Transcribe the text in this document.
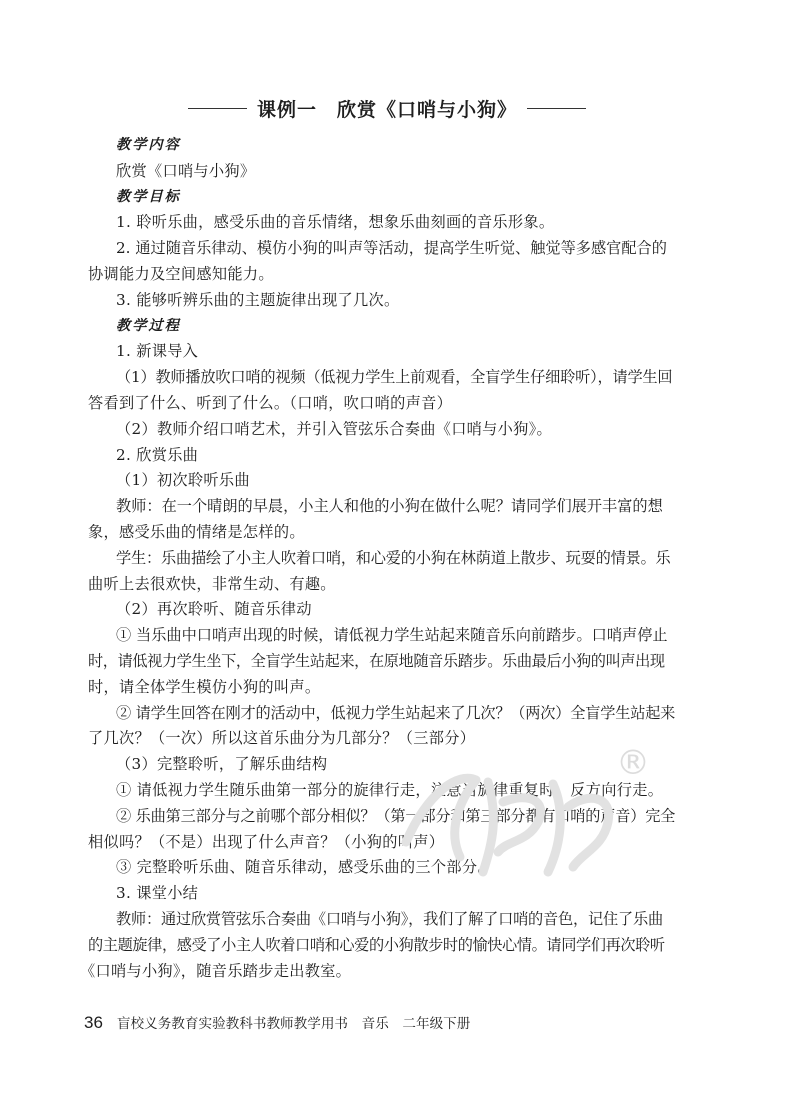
课例一　欣赏《口哨与小狗》
教学内容
欣赏《口哨与小狗》
教学目标
1. 聆听乐曲，感受乐曲的音乐情绪，想象乐曲刻画的音乐形象。
2. 通过随音乐律动、模仿小狗的叫声等活动，提高学生听觉、触觉等多感官配合的
协调能力及空间感知能力。
3. 能够听辨乐曲的主题旋律出现了几次。
教学过程
1. 新课导入
（1）教师播放吹口哨的视频（低视力学生上前观看，全盲学生仔细聆听），请学生回
答看到了什么、听到了什么。（口哨，吹口哨的声音）
（2）教师介绍口哨艺术，并引入管弦乐合奏曲《口哨与小狗》。
2. 欣赏乐曲
（1）初次聆听乐曲
教师：在一个晴朗的早晨，小主人和他的小狗在做什么呢？请同学们展开丰富的想
象，感受乐曲的情绪是怎样的。
学生：乐曲描绘了小主人吹着口哨，和心爱的小狗在林荫道上散步、玩耍的情景。乐
曲听上去很欢快，非常生动、有趣。
（2）再次聆听、随音乐律动
① 当乐曲中口哨声出现的时候，请低视力学生站起来随音乐向前踏步。口哨声停止
时，请低视力学生坐下，全盲学生站起来，在原地随音乐踏步。乐曲最后小狗的叫声出现
时，请全体学生模仿小狗的叫声。
② 请学生回答在刚才的活动中，低视力学生站起来了几次？（两次）全盲学生站起来
了几次？（一次）所以这首乐曲分为几部分？（三部分）
（3）完整聆听，了解乐曲结构
① 请低视力学生随乐曲第一部分的旋律行走，注意当旋律重复时，反方向行走。
② 乐曲第三部分与之前哪个部分相似？（第一部分和第三部分都有口哨的声音）完全
相似吗？（不是）出现了什么声音？（小狗的叫声）
③ 完整聆听乐曲、随音乐律动，感受乐曲的三个部分。
3. 课堂小结
教师：通过欣赏管弦乐合奏曲《口哨与小狗》，我们了解了口哨的音色，记住了乐曲
的主题旋律，感受了小主人吹着口哨和心爱的小狗散步时的愉快心情。请同学们再次聆听
《口哨与小狗》，随音乐踏步走出教室。
®
36 盲校义务教育实验教科书教师教学用书　音乐　二年级下册
